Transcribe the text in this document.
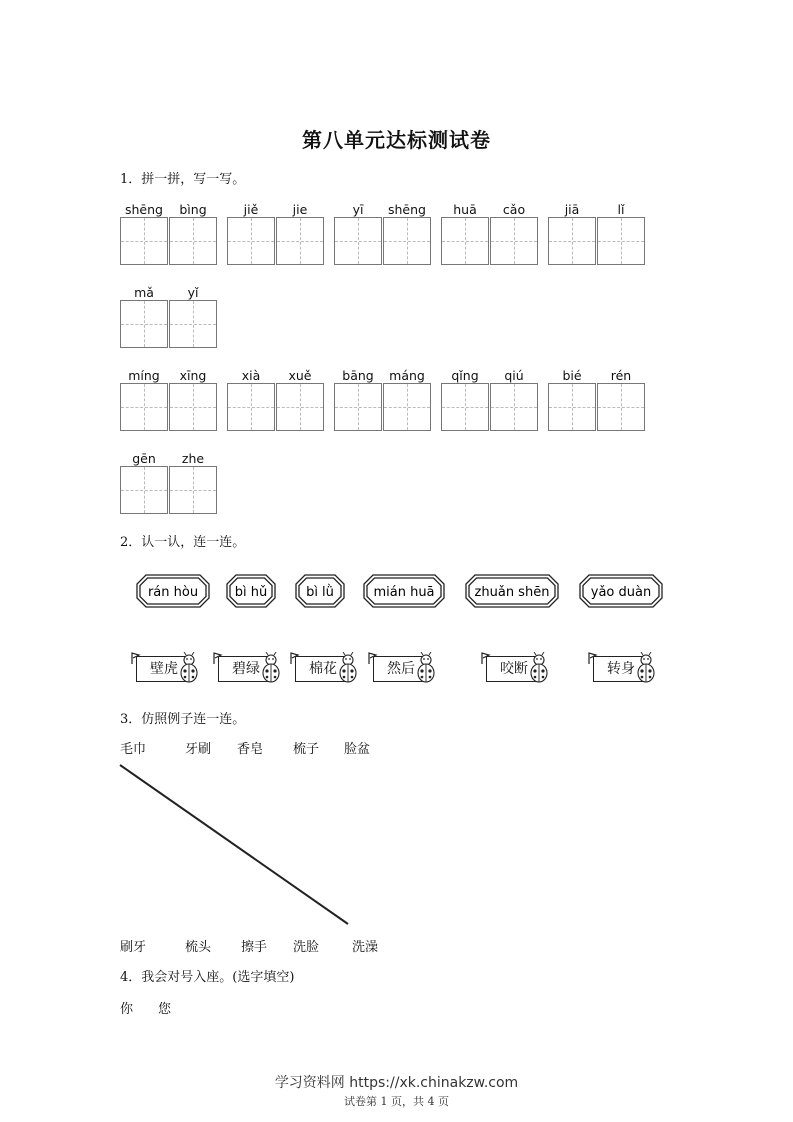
第八单元达标测试卷
1．拼一拼，写一写。
shēng	bìng	jiě	jie	yī	shēng	huā	cǎo	jiā	lǐ
mǎ	yǐ
míng	xīng	xià	xuě	bāng	máng	qǐng	qiú	bié	rén
gēn	zhe
2．认一认，连一连。
rán hòu	bì hǔ	bì lǜ	mián huā	zhuǎn shēn	yǎo duàn
壁虎	碧绿	棉花	然后	咬断	转身
3．仿照例子连一连。
毛巾	牙刷 香皂 梳子 脸盆
刷牙	梳头 擦手 洗脸	洗澡
4．我会对号入座。(选字填空)
你 您
学习资料网 https://xk.chinakzw.com
试卷第 1 页，共 4 页
